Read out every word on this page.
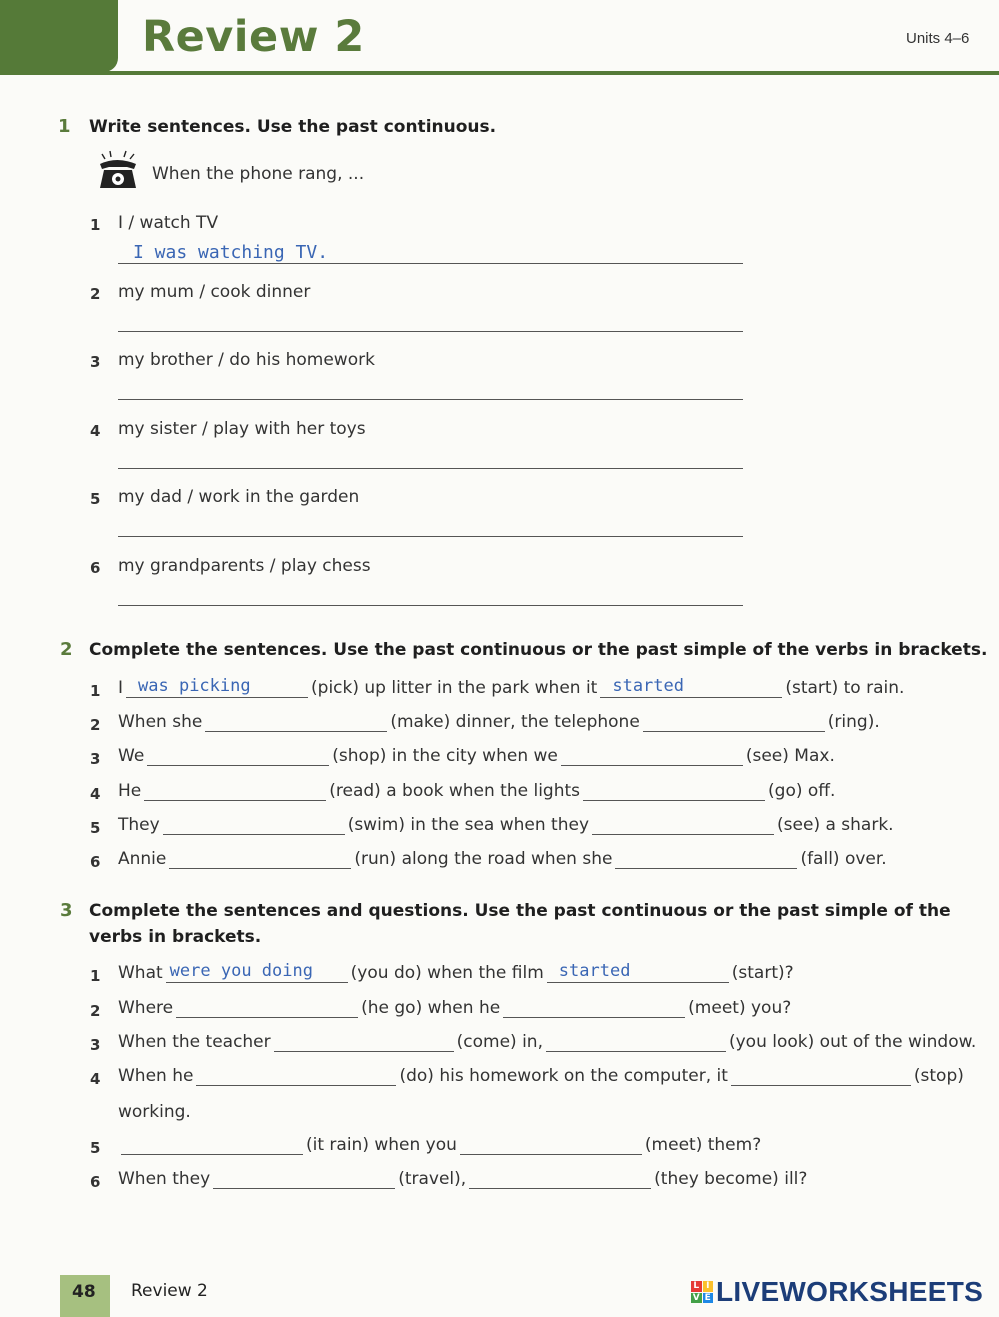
Review 2	Units 4–6
1 Write sentences. Use the past continuous.
When the phone rang, ...
1 I / watch TV
I was watching TV.
2 my mum / cook dinner
3 my brother / do his homework
4 my sister / play with her toys
5 my dad / work in the garden
6 my grandparents / play chess
2 Complete the sentences. Use the past continuous or the past simple of the verbs in brackets.
1 I was picking	(pick) up litter in the park when it started	(start) to rain.
2 When she	(make) dinner, the telephone	(ring).
3 We	(shop) in the city when we	(see) Max.
4 He	(read) a book when the lights	(go) off.
5 They	(swim) in the sea when they	(see) a shark.
6 Annie	(run) along the road when she	(fall) over.
3 Complete the sentences and questions. Use the past continuous or the past simple of the
verbs in brackets.
1 What were you doing (you do) when the film started	(start)?
2 Where	(he go) when he	(meet) you?
3 When the teacher	(come) in,	(you look) out of the window.
4 When he	(do) his homework on the computer, it	(stop)
working.
5	(it rain) when you	(meet) them?
6 When they	(travel),	(they become) ill?
48 Review 2	L I
V E LIVEWORKSHEETS
